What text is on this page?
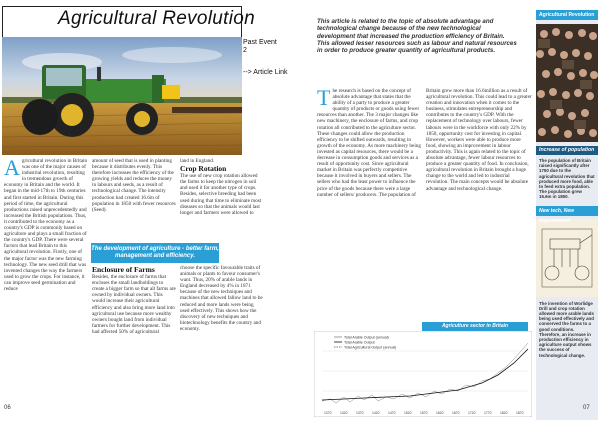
Agricultural Revolution
Past Event
2
--> Article Link
A gricultural revolution in Britain was one of the major causes of industrial revolution, resulting in tremendous growth of economy in Britain and the world. It began in the mid-17th to 19th centuries and first started in Britain. During this period of time, the agricultural productions raised unprecedentedly and increased the British populations. Thus, it contributed to the economy as a country's GDP is commonly based on agriculture and plays a small fraction of the country's GDP. There were several factors that lead Britain to this agricultural revolution. Firstly, one of the major factor was the new farming technology. The new seed drill that was invented changes the way the farmers used to grow the crops. For instance, it can improve seed germination and reduce
amount of seed that is used in planting because it distributes evenly. This therefore increases the efficiency of the growing yields and reduces the money in labours and seeds, as a result of technological change. The intensity production had created 16.6m of population in 1850 with fewer resources (Seed).
The development of agriculture - better farm, management and efficiency.
Enclosure of Farms
Besides, the enclosure of farms that encloses the small landholdings to create a bigger farm so that all farms are owned by individual owners. This would increase their agricultural efficiency and also bring more land into agricultural use because more wealthy owners bought land from individual farmers for further development. This had affected 50% of agricultural
land in England.
Crop Rotation
The use of new crop rotation allowed the farms to keep the nitrogen in soil and used it for another type of crops. Besides, selective breeding had been used during that time to eliminate most diseases so that the animals would last longer and farmers were allowed to
choose the specific favourable traits of animals or plants to favour consumer's want. Thus, 20% of arable lands in England decreased by 4% in 1871 because of the new techniques and machines that allowed fallow land to be reduced and more lands were being used effectively. This shows how the discovery of new techniques and biotechnology benefits the country and economy.
06
This article is related to the topic of absolute advantage and technological change because of the new technological development that increased the production efficiency of Britain. This allowed lesser resources such as labour and natural resources in order to produce greater quantity of agricultural products.
T he research is based on the concept of absolute advantage that states that the ability of a party to produce a greater quantity of products or goods using fewer resources than another. The 3 major changes like new machinery, the enclosure of farms, and crop rotation all contributed to the agriculture sector. These changes could allow the production efficiency to be shifted outwards, resulting in growth of the economy. As more machinery being invested as capital resources, there would be a decrease in consumption goods and services as a result of opportunity cost. Since agricultural market in Britain was perfectly competitive because it involved in buyers and sellers. The sellers who had the least power to influence the price of the goods because there were a large number of sellers/ producers. The population of
Britain grew more than 16.6million as a result of agricultural revolution. This could lead to a greater creation and innovation when it comes to the business, stimulates entrepreneurship and contributes to the country's GDP. With the replacement of technology over labours, fewer labours were in the workforce with only 22% by 1850, opportunity cost for investing in capital. However, workers were able to produce more food, showing an improvement in labour productivity. This is again related to the topic of absolute advantage, fewer labour resources to produce a greater quantity of food. In conclusion, agricultural revolution in Britain brought a huge change to the world and led to industrial revolution. The main concepts would be absolute advantage and technological change.
Agriculture sector in Britain
Total Arable Output (annual)
Total Arable Output
Total Agricultural Output (annual)
1270 1320 1370 1420 1470 1520 1570 1620 1670 1720 1770 1820 1870
Agricultural Revolution
Increase of population
The population of Britain raised significantly after 1750 due to the agricultural revolution that produced more food, able to feed extra population. The population grew 16.6m in 1850.
New tech, New
The invention of Worlidge Drill and crop rotation allowed more arable lands being used effectively and conserved the farms to a good conditions. Therefore, an increase in production efficiency in agriculture output shows the success of technological change.
07
